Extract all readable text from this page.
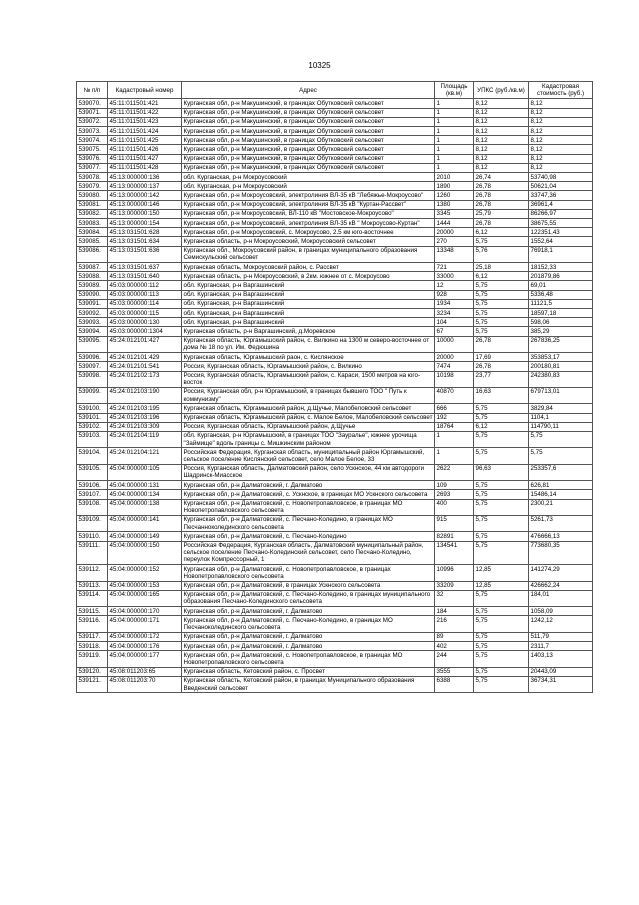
10325
№ п/п	Кадастровый номер	Адрес	Площадь (кв.м)	УПКС (руб./кв.м)	Кадастровая стоимость (руб.)
539070.	45:11:011501:421	Курганская обл, р-н Макушинский, в границах Обутковский сельсовет	1	8,12	8,12
539071.	45:11:011501:422	Курганская обл, р-н Макушинский, в границах Обутковский сельсовет	1	8,12	8,12
539072.	45:11:011501:423	Курганская обл, р-н Макушинский, в границах Обутковский сельсовет	1	8,12	8,12
539073.	45:11:011501:424	Курганская обл, р-н Макушинский, в границах Обутковский сельсовет	1	8,12	8,12
539074.	45:11:011501:425	Курганская обл, р-н Макушинский, в границах Обутковский сельсовет	1	8,12	8,12
539075.	45:11:011501:426	Курганская обл, р-н Макушинский, в границах Обутковский сельсовет	1	8,12	8,12
539076.	45:11:011501:427	Курганская обл, р-н Макушинский, в границах Обутковский сельсовет	1	8,12	8,12
539077.	45:11:011501:428	Курганская обл, р-н Макушинский, в границах Обутковский сельсовет	1	8,12	8,12
539078.	45:13:000000:136	обл. Курганская, р-н Мокроусовский	2010	26,74	53740,98
539079.	45:13:000000:137	обл. Курганская, р-н Мокроусовский	1890	26,78	50621,04
539080.	45:13:000000:142	Курганская обл, р-н Мокроусовский, электролиния ВЛ-35 кВ "Лебяжье-Мокроусово"	1260	26,78	33747,36
539081.	45:13:000000:146	Курганская обл, р-н Мокроусовский, электролиния ВЛ-35 кВ "Куртан-Рассвет"	1380	26,78	36961,4
539082.	45:13:000000:150	Курганская обл, р-н Мокроусовский, ВЛ-110 кВ "Мостовское-Мокроусово"	3345	25,79	86266,97
539083.	45:13:000000:154	Курганская обл, р-н Мокроусовский, электролиния ВЛ-35 кВ " Мокроусово-Куртан"	1444	26,78	38675,55
539084.	45:13:031501:628	Курганская обл, р-н Мокроусовский, с. Мокроусово, 2.5 км юго-восточнее	20000	6,12	122351,43
539085.	45:13:031501:634	Курганская область, р-н Мокроусовский, Мокроусовский сельсовет	270	5,75	1552,64
539086.	45:13:031501:636	Курганская обл., Мокроусовский район, в границах муниципального образования Семискульский сельсовет	13348	5,76	76918,1
539087.	45:13:031501:637	Курганская область, Мокроусовский район, с. Рассвет	721	25,18	18152,33
539088.	45:13:031501:640	Курганская область, р-н Мокроусовский, в 2км. южнее от с. Мокроусово	33000	6,12	201879,86
539089.	45:03:000000:112	обл. Курганская, р-н Варгашинский	12	5,75	69,01
539090.	45:03:000000:113	обл. Курганская, р-н Варгашинский	928	5,75	5336,48
539091.	45:03:000000:114	обл. Курганская, р-н Варгашинский	1934	5,75	11121,5
539092.	45:03:000000:115	обл. Курганская, р-н Варгашинский	3234	5,75	18597,18
539093.	45:03:000000:130	обл. Курганская, р-н Варгашинский	104	5,75	598,06
539094.	45:03:000000:1304	Курганская область, р-н Варгашинский, д.Моревское	67	5,75	385,29
539095.	45:24:012101:427	Курганская область, Юргамышский район, с. Вилкино на 1300 м северо-восточнее от дома № 18 по ул. Им. Федюшина	10000	26,78	267836,25
539096.	45:24:012101:429	Курганская область, Юргамышский раон, с. Кислянское	20000	17,69	353853,17
539097.	45:24:012101:541	Россия, Курганская область, Юргамышский район, с. Вилкино	7474	26,78	200180,81
539098.	45:24:012102:173	Россия, Курганская область, Юргамышский район, с. Караси, 1500 метров на юго-восток	10198	23,77	242380,83
539099.	45:24:012103:190	Россия, Курганская обл, р-н Юргамышский, в границах бывшего ТОО " Путь к коммунизму"	40870	16,63	679713,01
539100.	45:24:012103:195	Курганская область, Юргамышский район, д.Щучье, Малобеловский сельсовет	666	5,75	3829,84
539101.	45:24:012103:196	Курганская область, Юргамышский район, с. Малое Белое, Малобеловский сельсовет	192	5,75	1104,1
539102.	45:24:012103:309	Россия, Курганская область, Юргамышский район, д.Щучье	18764	6,12	114790,11
539103.	45:24:012104:119	обл. Курганская, р-н Юргамышский, в границах ТОО "Зауралье", южнее урочища "Займище" вдоль границы с. Мишкинским районом	1	5,75	5,75
539104.	45:24:012104:121	Российская Федерация, Курганская область, муниципальный район Юргамышский, сельское поселение Кислянский сельсовет, село Малое Белое, 33	1	5,75	5,75
539105.	45:04:000000:105	Россия, Курганская область, Далматовский район, село Ускнское, 44 км автодороги Шадринск-Миасское	2622	96,63	253357,6
539106.	45:04:000000:131	Курганская обл, р-н Далматовский, г. Далматово	109	5,75	626,81
539107.	45:04:000000:134	Курганская обл, р-н Далматовский, с. Ускнское, в границах МО Ускнского сельсовета	2693	5,75	15486,14
539108.	45:04:000000:138	Курганская обл, р-н Далматовский, с. Новопетропавловское, в границах МО Новопетропавловского сельсовета	400	5,75	2300,21
539109.	45:04:000000:141	Курганская обл, р-н Далматовский, с. Песчано-Коледино, в границах МО Песчанноколединского сельсовета	915	5,75	5261,73
539110.	45:04:000000:149	Курганская обл, р-н Далматовский, с. Песчано-Коледино	82891	5,75	476666,13
539111.	45:04:000000:150	Российская Федерация, Курганская область, Далматовский муниципальный район, сельское поселение Песчано-Колединский сельсовет, село Песчано-Коледино, переулок Компрессорный, 1	134541	5,75	773680,35
539112.	45:04:000000:152	Курганская обл, р-н Далматовский, с. Новопетропавловское, в границах Новопетропавловского сельсовета	10996	12,85	141274,29
539113.	45:04:000000:153	Курганская обл, р-н Далматовский, в границах Ускнского сельсовета	33209	12,85	426662,24
539114.	45:04:000000:165	Курганская обл, р-н Далматовский, с. Песчано-Коледино, в границах муниципального образования Песчано-Колединского сельсовета	32	5,75	184,01
539115.	45:04:000000:170	Курганская обл, р-н Далматовский, г. Далматово	184	5,75	1058,09
539116.	45:04:000000:171	Курганская обл, р-н Далматовский, с. Песчано-Коледино, в границах МО Песчаноколединского сельсовета	216	5,75	1242,12
539117.	45:04:000000:172	Курганская обл, р-н Далматовский, г. Далматово	89	5,75	511,79
539118.	45:04:000000:176	Курганская обл, р-н Далматовский, г. Далматово	402	5,75	2311,7
539119.	45:04:000000:177	Курганская обл, р-н Далматовский, с. Новопетропавловское, в границах МО Новопетропавловского сельсовета	244	5,75	1403,13
539120.	45:08:011203:65	Курганская область, Кетовский район, с. Просвет	3555	5,75	20443,09
539121.	45:08:011203:70	Курганская область, Кетовский район, в границах Муниципального образования Введенский сельсовет	6388	5,75	36734,31
